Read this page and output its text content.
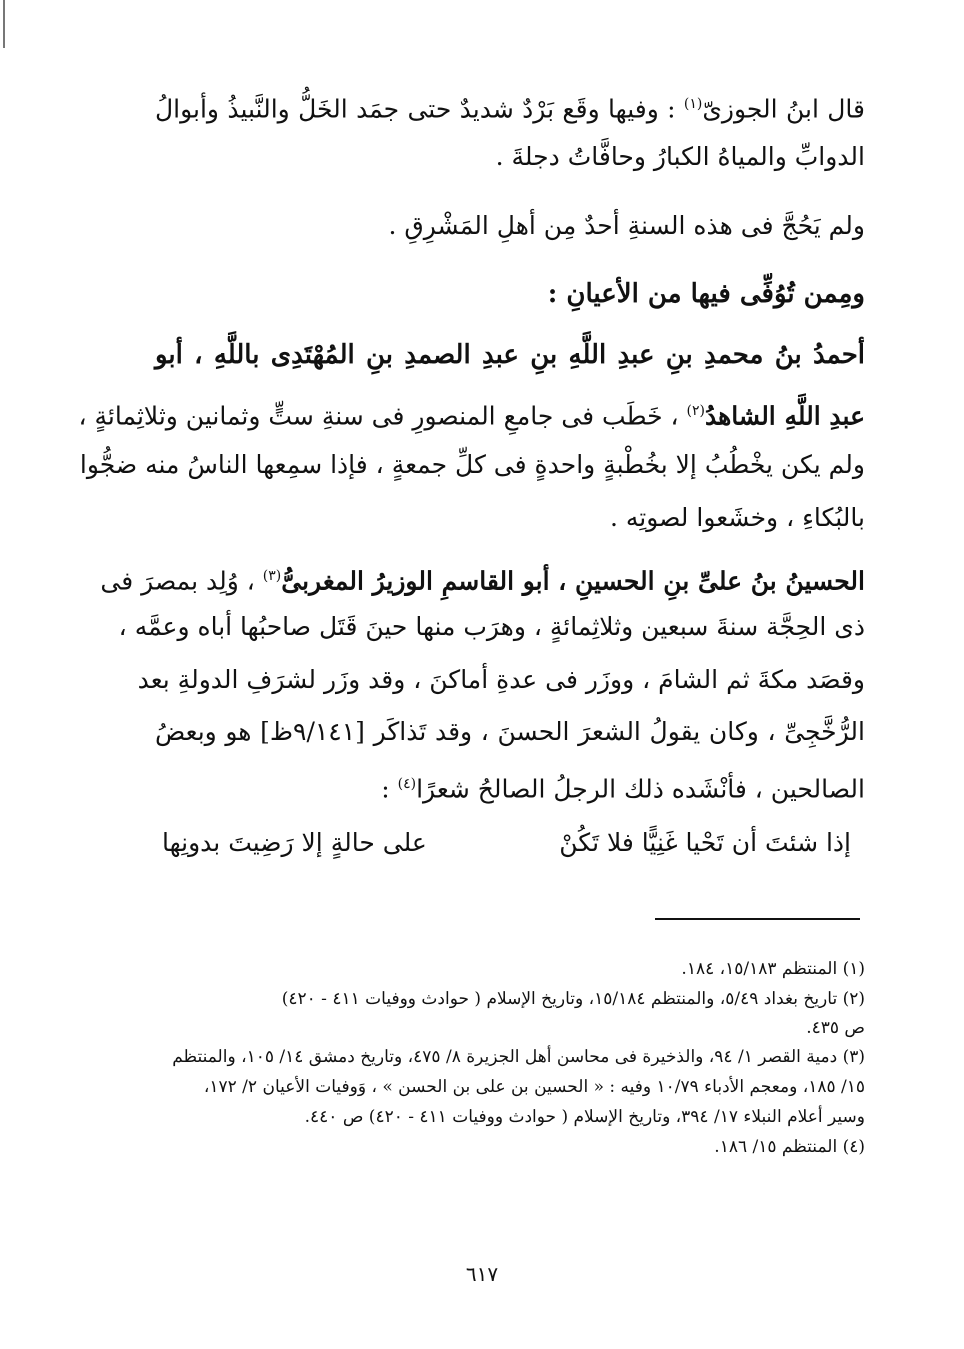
قال ابنُ الجوزىّ$^{(١)}$ : وفيها وقَع بَرْدٌ شديدٌ حتى جمَد الخَلُّ والنَّبيذُ وأبوالُ
الدوابِّ والمياهُ الكبارُ وحافَّاتُ دجلةَ .
ولم يَحُجَّ فى هذه السنةِ أحدٌ مِن أهلِ المَشْرِقِ .
ومِمن تُوُفِّى فيها من الأعيانِ :
أحمدُ بنُ محمدِ بنِ عبدِ اللَّهِ بنِ عبدِ الصمدِ بنِ المُهْتَدِى باللَّهِ ، أبو
عبدِ اللَّهِ الشاهدُ$^{(٢)}$ ، خَطَب فى جامعِ المنصورِ فى سنةِ ستٍّ وثمانين وثلاثِمائةٍ ،
ولم يكن يخْطُبُ إلا بخُطْبةٍ واحدةٍ فى كلِّ جمعةٍ ، فإذا سمِعها الناسُ منه ضجُّوا
بالبُكاءِ ، وخشَعوا لصوتِه .
الحسينُ بنُ علىِّ بنِ الحسينِ ، أبو القاسمِ الوزيرُ المغربىُّ$^{(٣)}$ ، وُلِد بمصرَ فى
ذى الحِجَّة سنةَ سبعين وثلاثِمائةٍ ، وهرَب منها حينَ قَتَل صاحبُها أباه وعمَّه ،
وقصَد مكةَ ثم الشامَ ، ووزَر فى عدةِ أماكنَ ، وقد وزَر لشرَفِ الدولةِ بعد
الرُّخَّجِىِّ ، وكان يقولُ الشعرَ الحسنَ ، وقد تَذاكَر [٩/١٤١ظ] هو وبعضُ
الصالحين ، فأنْشَده ذلك الرجلُ الصالحُ شعرًا$^{(٤)}$ :
إذا شئتَ أن تَحْيا غَنِيًّا فلا تَكُنْ
على حالةٍ إلا رَضِيتَ بدونِها
(١) المنتظم ١٥/١٨٣، ١٨٤.
(٢) تاريخ بغداد ٥/٤٩، والمنتظم ١٥/١٨٤، وتاريخ الإسلام ( حوادث ووفيات ٤١١ - ٤٢٠)
ص ٤٣٥.
(٣) دمية القصر ١/ ٩٤، والذخيرة فى محاسن أهل الجزيرة ٨/ ٤٧٥، وتاريخ دمشق ١٤/ ١٠٥، والمنتظم
١٥/ ١٨٥، ومعجم الأدباء ١٠/٧٩ وفيه : « الحسين بن على بن الحسن » ، وَوفيات الأعيان ٢/ ١٧٢،
وسير أعلام النبلاء ١٧/ ٣٩٤، وتاريخ الإسلام ( حوادث ووفيات ٤١١ - ٤٢٠) ص ٤٤٠.
(٤) المنتظم ١٥/ ١٨٦.
٦١٧
